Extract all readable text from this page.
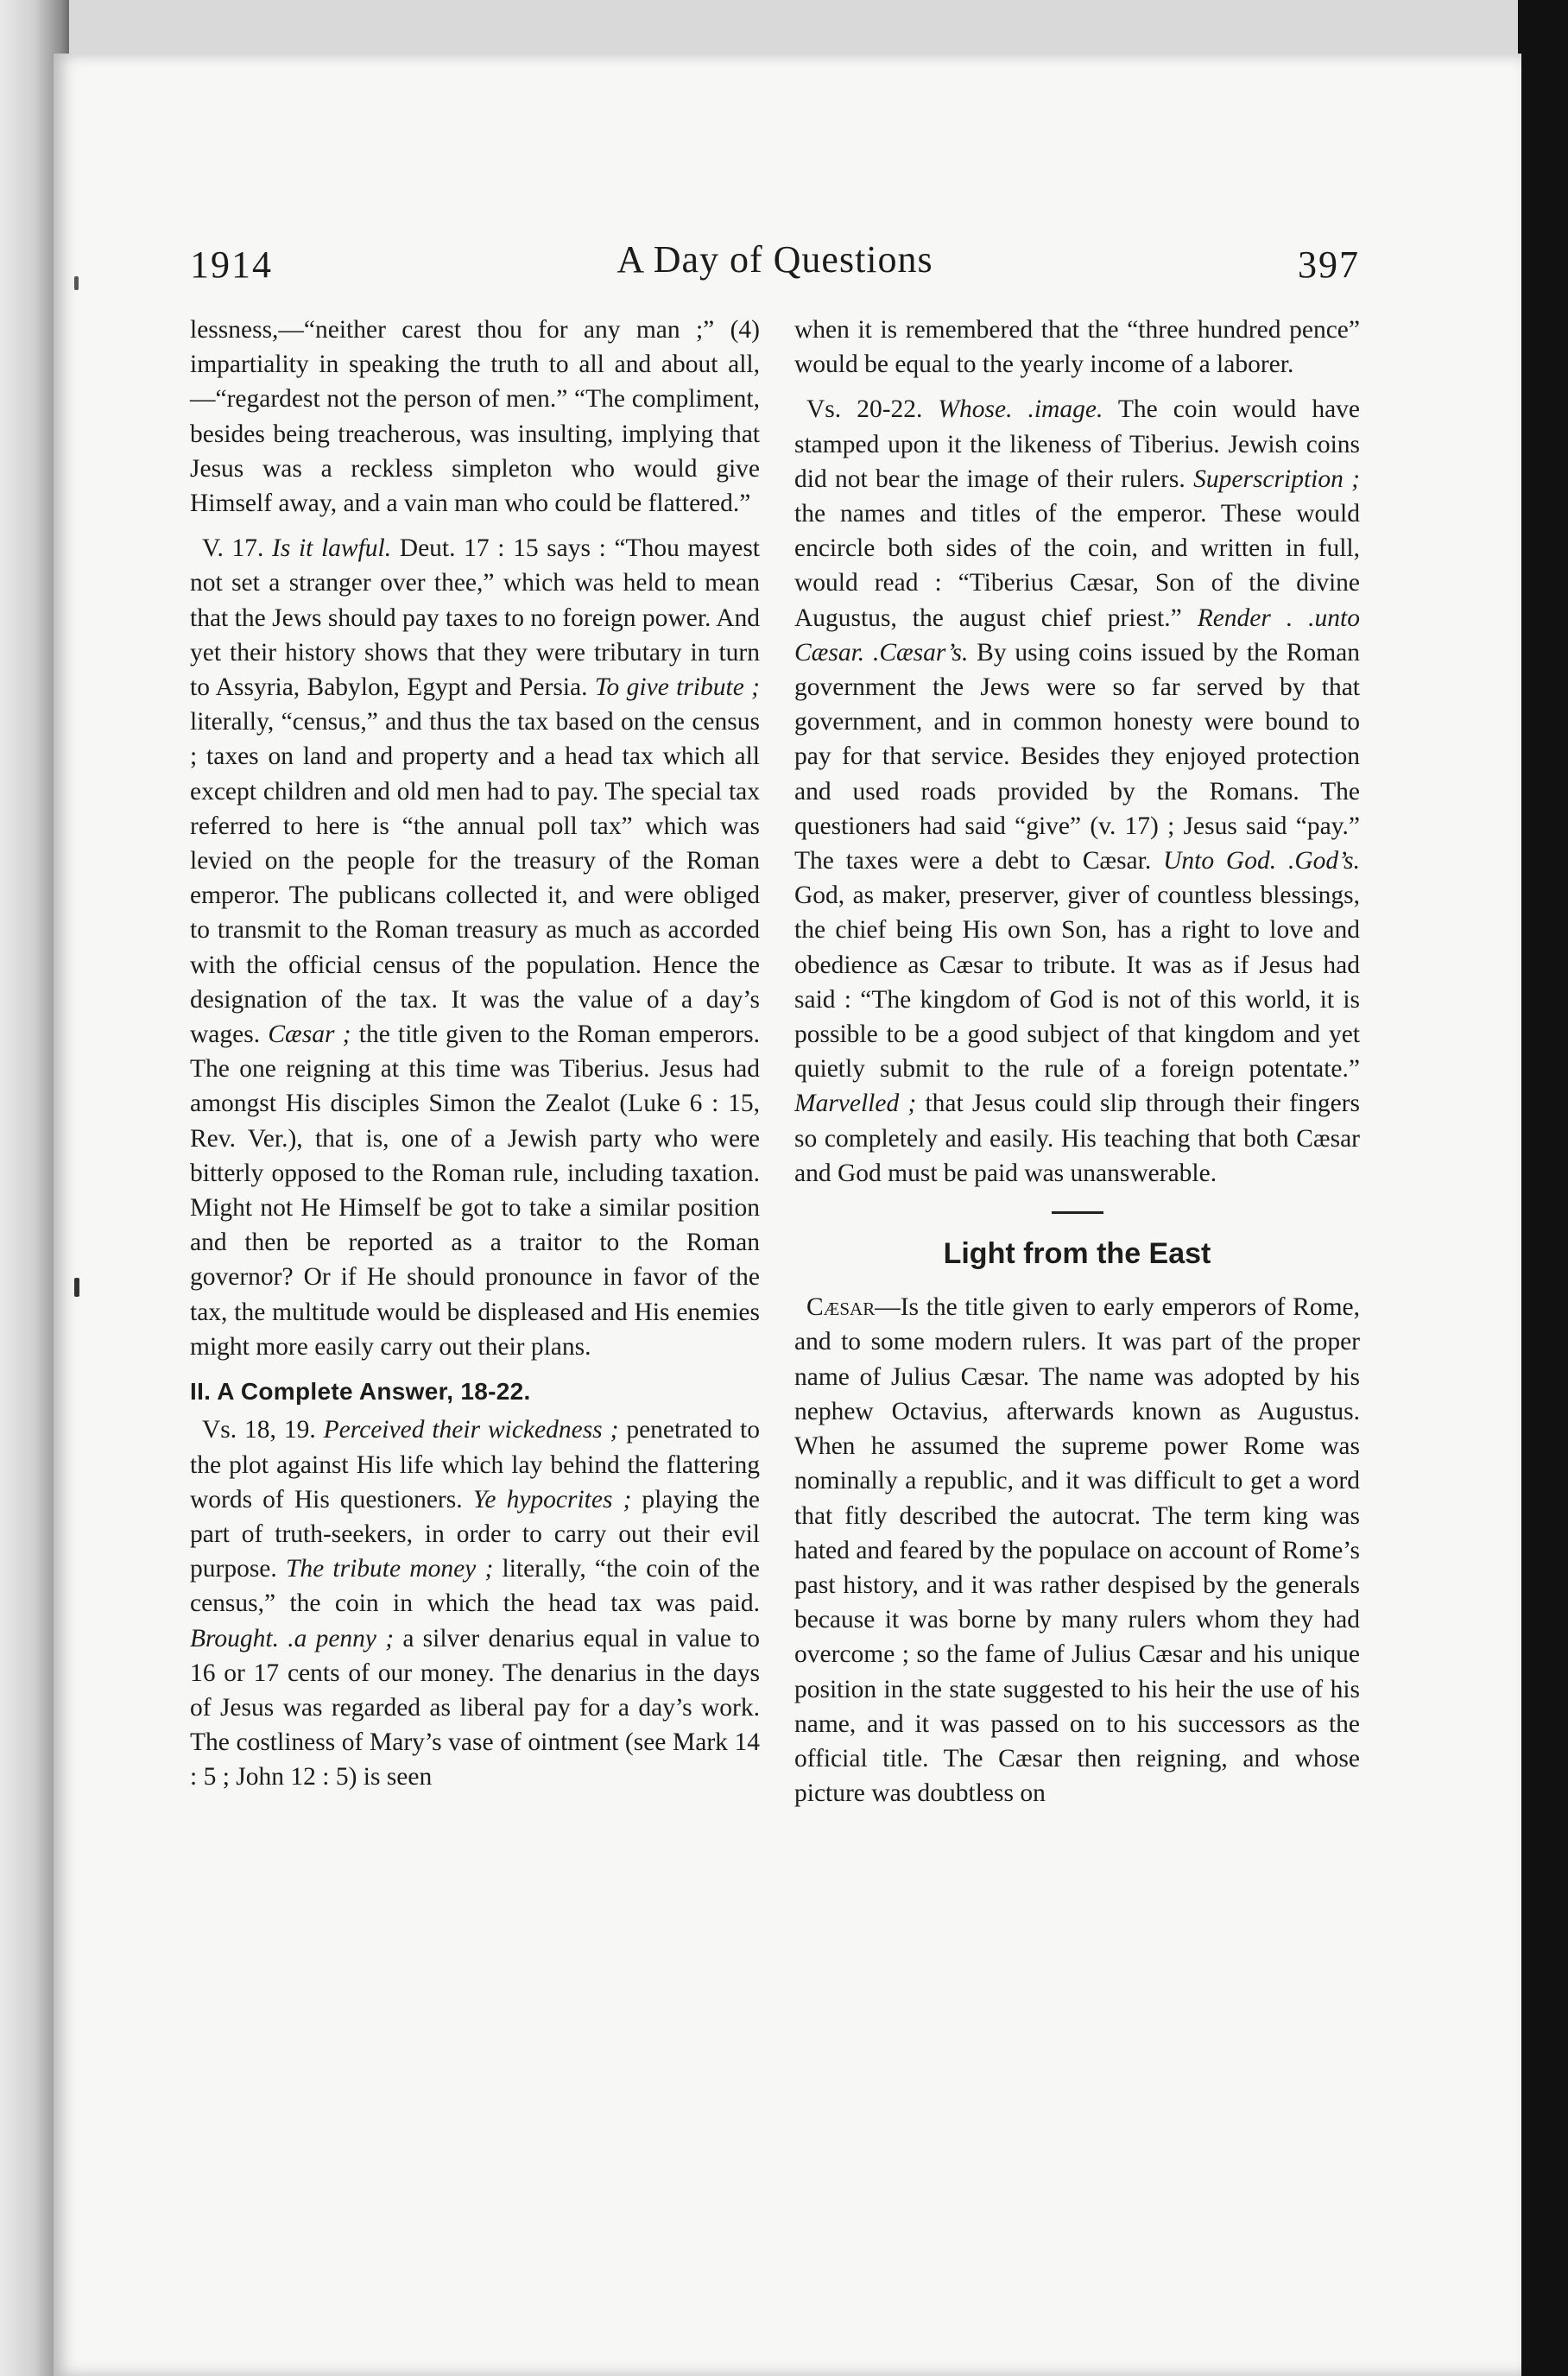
1914	A Day of Questions	397

lessness,—“neither carest thou for any man ;” (4) impartiality in speaking the truth to all and about all,—“regardest not the person of men.” “The compliment, besides being treacherous, was insulting, implying that Jesus was a reckless simpleton who would give Himself away, and a vain man who could be flattered.”

V. 17. Is it lawful. Deut. 17 : 15 says : “Thou mayest not set a stranger over thee,” which was held to mean that the Jews should pay taxes to no foreign power. And yet their history shows that they were tributary in turn to Assyria, Babylon, Egypt and Persia. To give tribute ; literally, “census,” and thus the tax based on the census ; taxes on land and property and a head tax which all except children and old men had to pay. The special tax referred to here is “the annual poll tax” which was levied on the people for the treasury of the Roman emperor. The publicans collected it, and were obliged to transmit to the Roman treasury as much as accorded with the official census of the population. Hence the designation of the tax. It was the value of a day’s wages. Cæsar ; the title given to the Roman emperors. The one reigning at this time was Tiberius. Jesus had amongst His disciples Simon the Zealot (Luke 6 : 15, Rev. Ver.), that is, one of a Jewish party who were bitterly opposed to the Roman rule, including taxation. Might not He Himself be got to take a similar position and then be reported as a traitor to the Roman governor? Or if He should pronounce in favor of the tax, the multitude would be displeased and His enemies might more easily carry out their plans.

II. A Complete Answer, 18-22.

Vs. 18, 19. Perceived their wickedness ; penetrated to the plot against His life which lay behind the flattering words of His questioners. Ye hypocrites ; playing the part of truth-seekers, in order to carry out their evil purpose. The tribute money ; literally, “the coin of the census,” the coin in which the head tax was paid. Brought. .a penny ; a silver denarius equal in value to 16 or 17 cents of our money. The denarius in the days of Jesus was regarded as liberal pay for a day’s work. The costliness of Mary’s vase of ointment (see Mark 14 : 5 ; John 12 : 5) is seen

when it is remembered that the “three hundred pence” would be equal to the yearly income of a laborer.

Vs. 20-22. Whose. .image. The coin would have stamped upon it the likeness of Tiberius. Jewish coins did not bear the image of their rulers. Superscription ; the names and titles of the emperor. These would encircle both sides of the coin, and written in full, would read : “Tiberius Cæsar, Son of the divine Augustus, the august chief priest.” Render . .unto Cæsar. .Cæsar’s. By using coins issued by the Roman government the Jews were so far served by that government, and in common honesty were bound to pay for that service. Besides they enjoyed protection and used roads provided by the Romans. The questioners had said “give” (v. 17) ; Jesus said “pay.” The taxes were a debt to Cæsar. Unto God. .God’s. God, as maker, preserver, giver of countless blessings, the chief being His own Son, has a right to love and obedience as Cæsar to tribute. It was as if Jesus had said : “The kingdom of God is not of this world, it is possible to be a good subject of that kingdom and yet quietly submit to the rule of a foreign potentate.” Marvelled ; that Jesus could slip through their fingers so completely and easily. His teaching that both Cæsar and God must be paid was unanswerable.

Light from the East

Cæsar—Is the title given to early emperors of Rome, and to some modern rulers. It was part of the proper name of Julius Cæsar. The name was adopted by his nephew Octavius, afterwards known as Augustus. When he assumed the supreme power Rome was nominally a republic, and it was difficult to get a word that fitly described the autocrat. The term king was hated and feared by the populace on account of Rome’s past history, and it was rather despised by the generals because it was borne by many rulers whom they had overcome ; so the fame of Julius Cæsar and his unique position in the state suggested to his heir the use of his name, and it was passed on to his successors as the official title. The Cæsar then reigning, and whose picture was doubtless on
